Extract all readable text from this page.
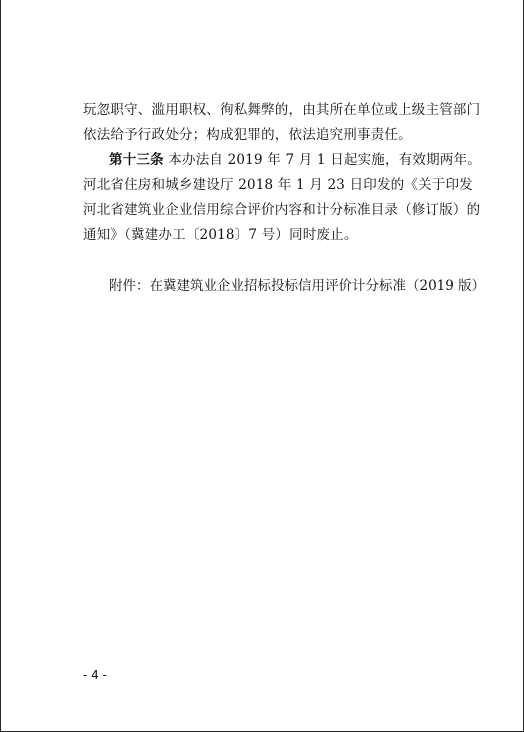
玩忽职守、滥用职权、徇私舞弊的，由其所在单位或上级主管部门依法给予行政处分；构成犯罪的，依法追究刑事责任。

第十三条 本办法自 2019 年 7 月 1 日起实施，有效期两年。河北省住房和城乡建设厅 2018 年 1 月 23 日印发的《关于印发河北省建筑业企业信用综合评价内容和计分标准目录（修订版）的通知》（冀建办工〔2018〕7 号）同时废止。

附件： 在冀建筑业企业招标投标信用评价计分标准（2019 版）
- 4 -
